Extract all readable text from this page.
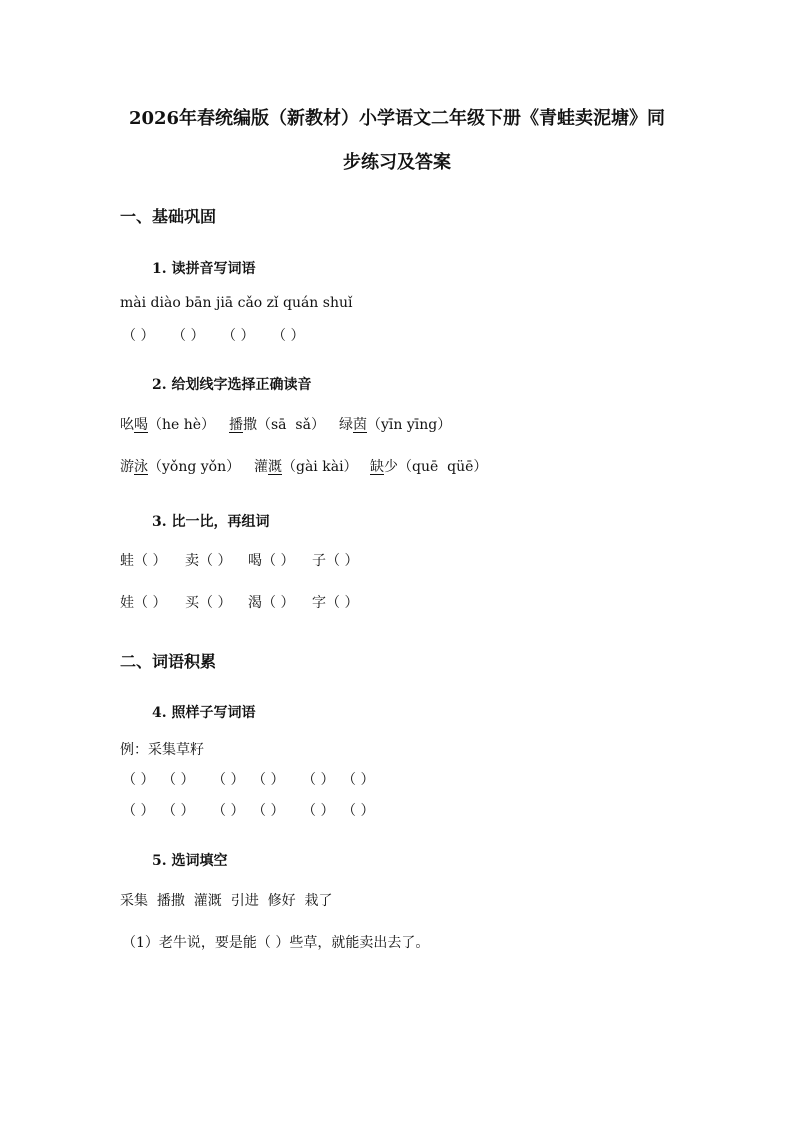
2026年春统编版（新教材）小学语文二年级下册《青蛙卖泥塘》同
步练习及答案
一、基础巩固
1. 读拼音写词语
mài diào bān jiā cǎo zǐ quán shuǐ
（ ） （ ） （ ） （ ）
2. 给划线字选择正确读音
吆喝（he hè） 播撒（sā  sǎ） 绿茵（yīn yīng）
游泳（yǒng yǒn） 灌溉（gài kài） 缺少（quē  qüē）
3. 比一比，再组词
蛙（ ） 卖（ ） 喝（ ） 子（ ）
娃（ ） 买（ ） 渴（ ） 字（ ）
二、词语积累
4. 照样子写词语
例：采集草籽
（ ） （ ） （ ） （ ） （ ） （ ）
（ ） （ ） （ ） （ ） （ ） （ ）
5. 选词填空
采集  播撒  灌溉  引进  修好  栽了
（1）老牛说，要是能（ ）些草，就能卖出去了。
